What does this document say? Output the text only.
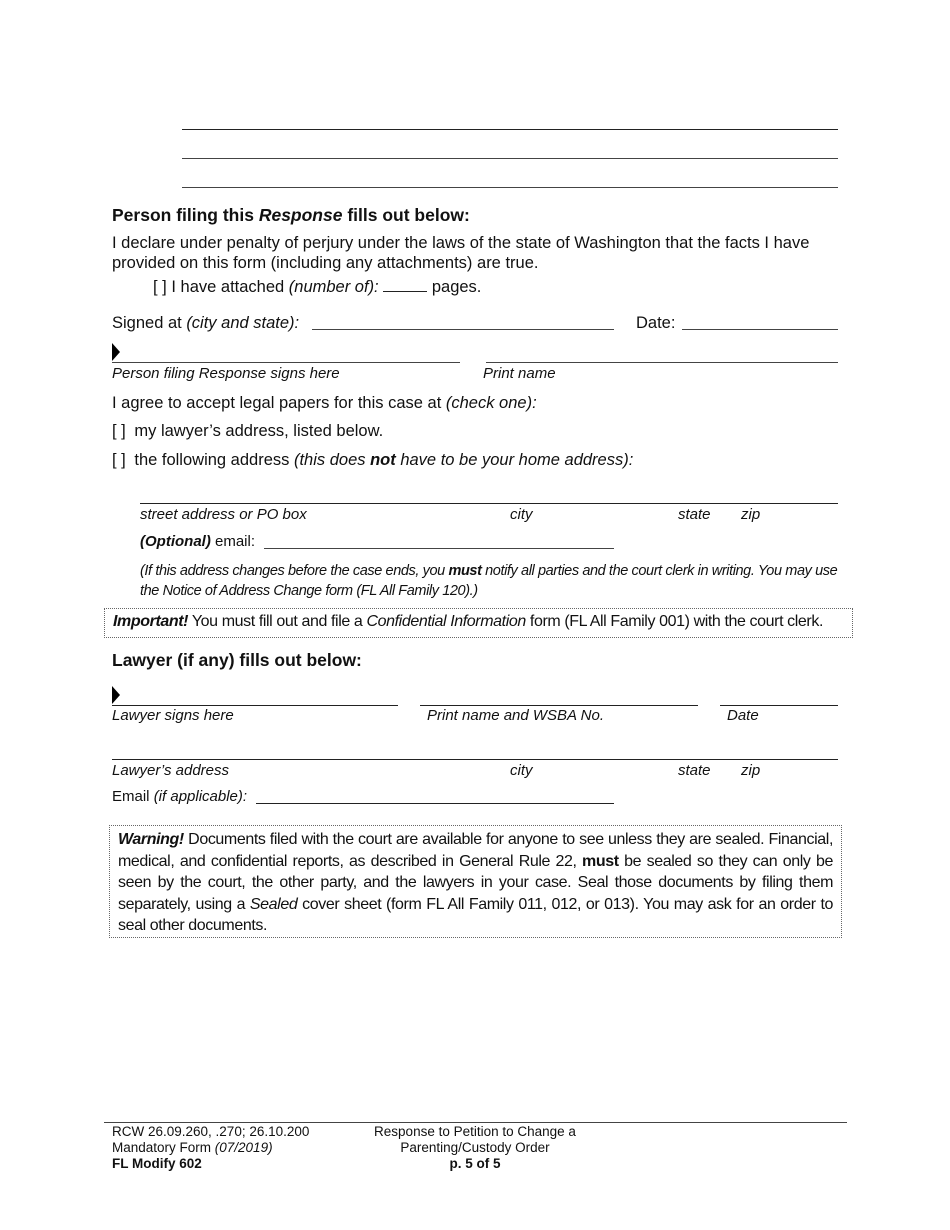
Person filing this Response fills out below:
I declare under penalty of perjury under the laws of the state of Washington that the facts I have provided on this form (including any attachments) are true.
[ ] I have attached (number of):	pages.
Signed at (city and state):	Date:
Person filing Response signs here	Print name
I agree to accept legal papers for this case at (check one):
[ ] my lawyer’s address, listed below.
[ ] the following address (this does not have to be your home address):
street address or PO box	city	state zip
(Optional) email:
(If this address changes before the case ends, you must notify all parties and the court clerk in writing. You may use the Notice of Address Change form (FL All Family 120).)
Important! You must fill out and file a Confidential Information form (FL All Family 001) with the court clerk.
Lawyer (if any) fills out below:
Lawyer signs here	Print name and WSBA No.	Date
Lawyer’s address	city	state zip
Email (if applicable):
Warning! Documents filed with the court are available for anyone to see unless they are sealed. Financial, medical, and confidential reports, as described in General Rule 22, must be sealed so they can only be seen by the court, the other party, and the lawyers in your case. Seal those documents by filing them separately, using a Sealed cover sheet (form FL All Family 011, 012, or 013). You may ask for an order to seal other documents.
RCW 26.09.260, .270; 26.10.200
Mandatory Form (07/2019)
FL Modify 602
Response to Petition to Change a
Parenting/Custody Order
p. 5 of 5
